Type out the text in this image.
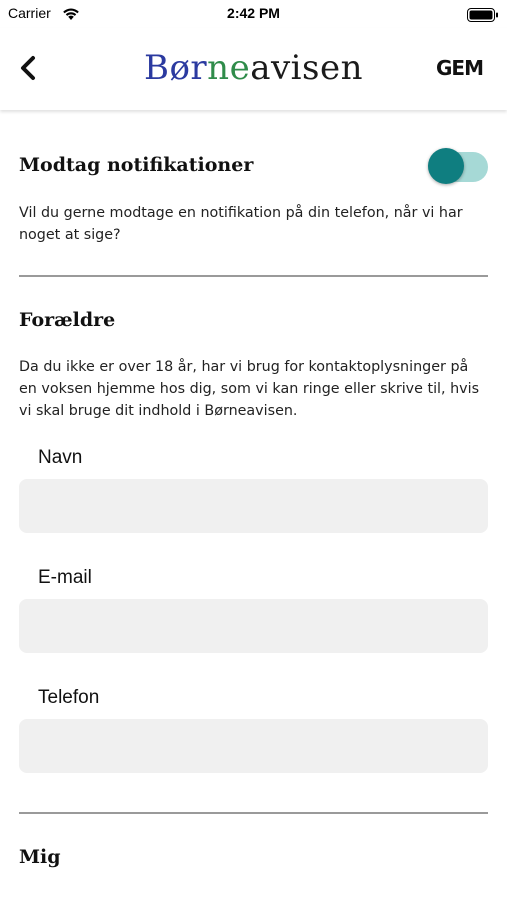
Carrier	2:42 PM
Børneavisen	GEM
Modtag notifikationer
Vil du gerne modtage en notifikation på din telefon, når vi har noget at sige?
Forældre
Da du ikke er over 18 år, har vi brug for kontaktoplysninger på en voksen hjemme hos dig, som vi kan ringe eller skrive til, hvis vi skal bruge dit indhold i Børneavisen.
Navn
E-mail
Telefon
Mig
